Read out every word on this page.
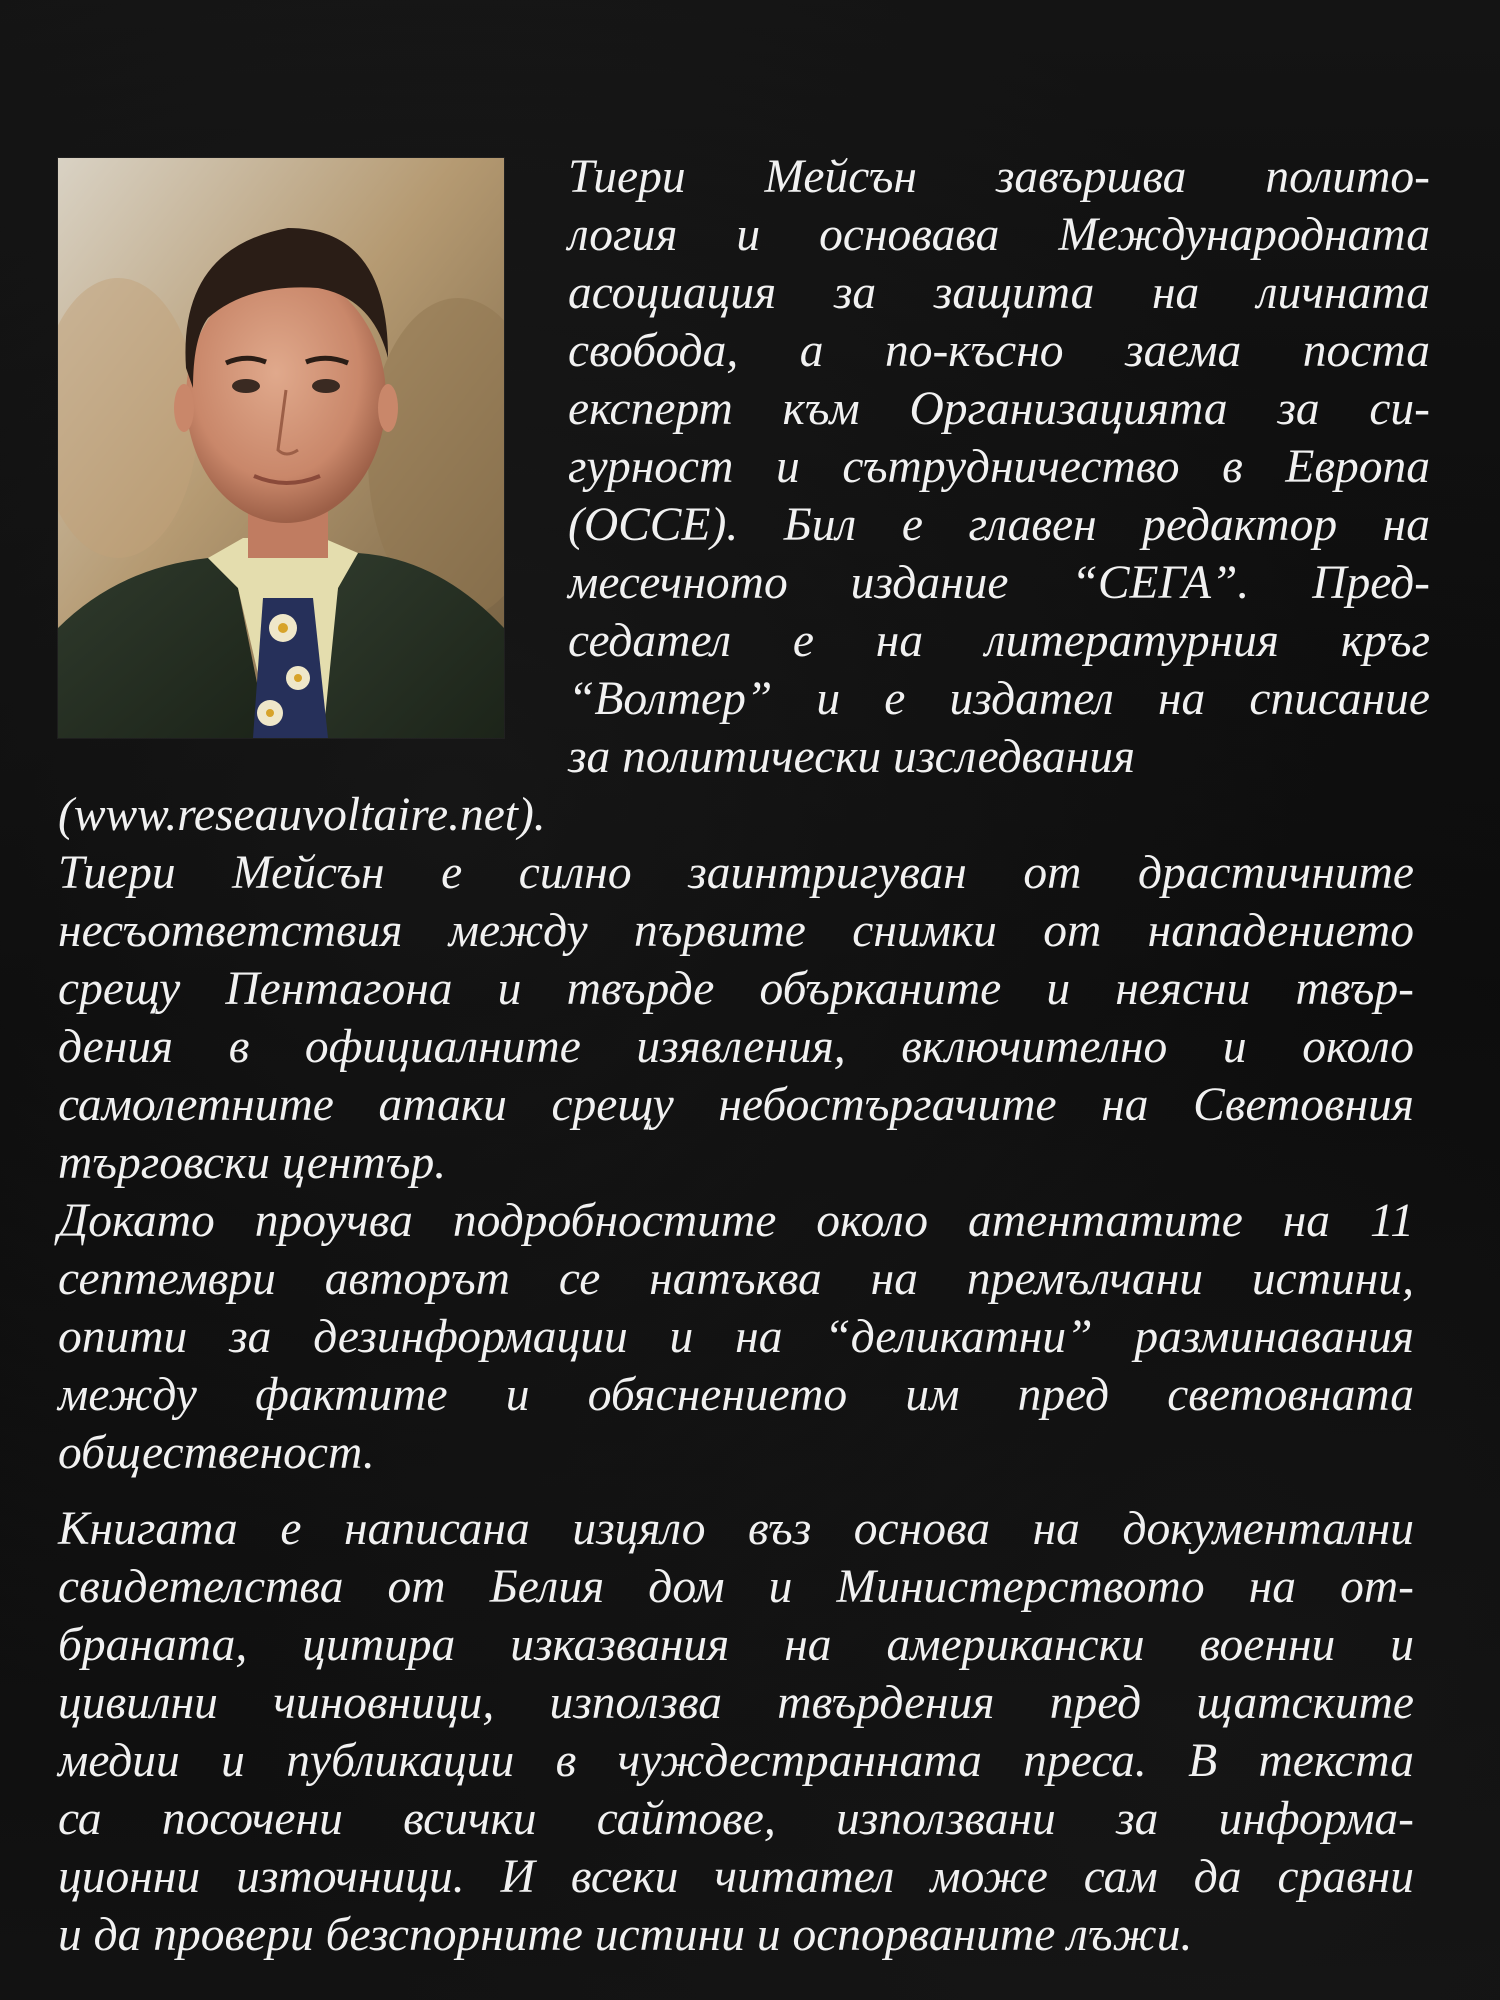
Тиери Мейсън завършва полито-
логия и основава Международната
асоциация за защита на личната
свобода, а по-късно заема поста
експерт към Организацията за си-
гурност и сътрудничество в Европа
(ОССЕ). Бил е главен редактор на
месечното издание “СЕГА”. Пред-
седател е на литературния кръг
“Волтер” и е издател на списание
за политически изследвания
(www.reseauvoltaire.net).
Тиери Мейсън е силно заинтригуван от драстичните
несъответствия между първите снимки от нападението
срещу Пентагона и твърде обърканите и неясни твър-
дения в официалните изявления, включително и около
самолетните атаки срещу небостъргачите на Световния
търговски център.
Докато проучва подробностите около атентатите на 11
септември авторът се натъква на премълчани истини,
опити за дезинформации и на “деликатни” разминавания
между фактите и обяснението им пред световната
общественост.
Книгата е написана изцяло въз основа на документални
свидетелства от Белия дом и Министерството на от-
браната, цитира изказвания на американски военни и
цивилни чиновници, използва твърдения пред щатските
медии и публикации в чуждестранната преса. В текста
са посочени всички сайтове, използвани за информа-
ционни източници. И всеки читател може сам да сравни
и да провери безспорните истини и оспорваните лъжи.
